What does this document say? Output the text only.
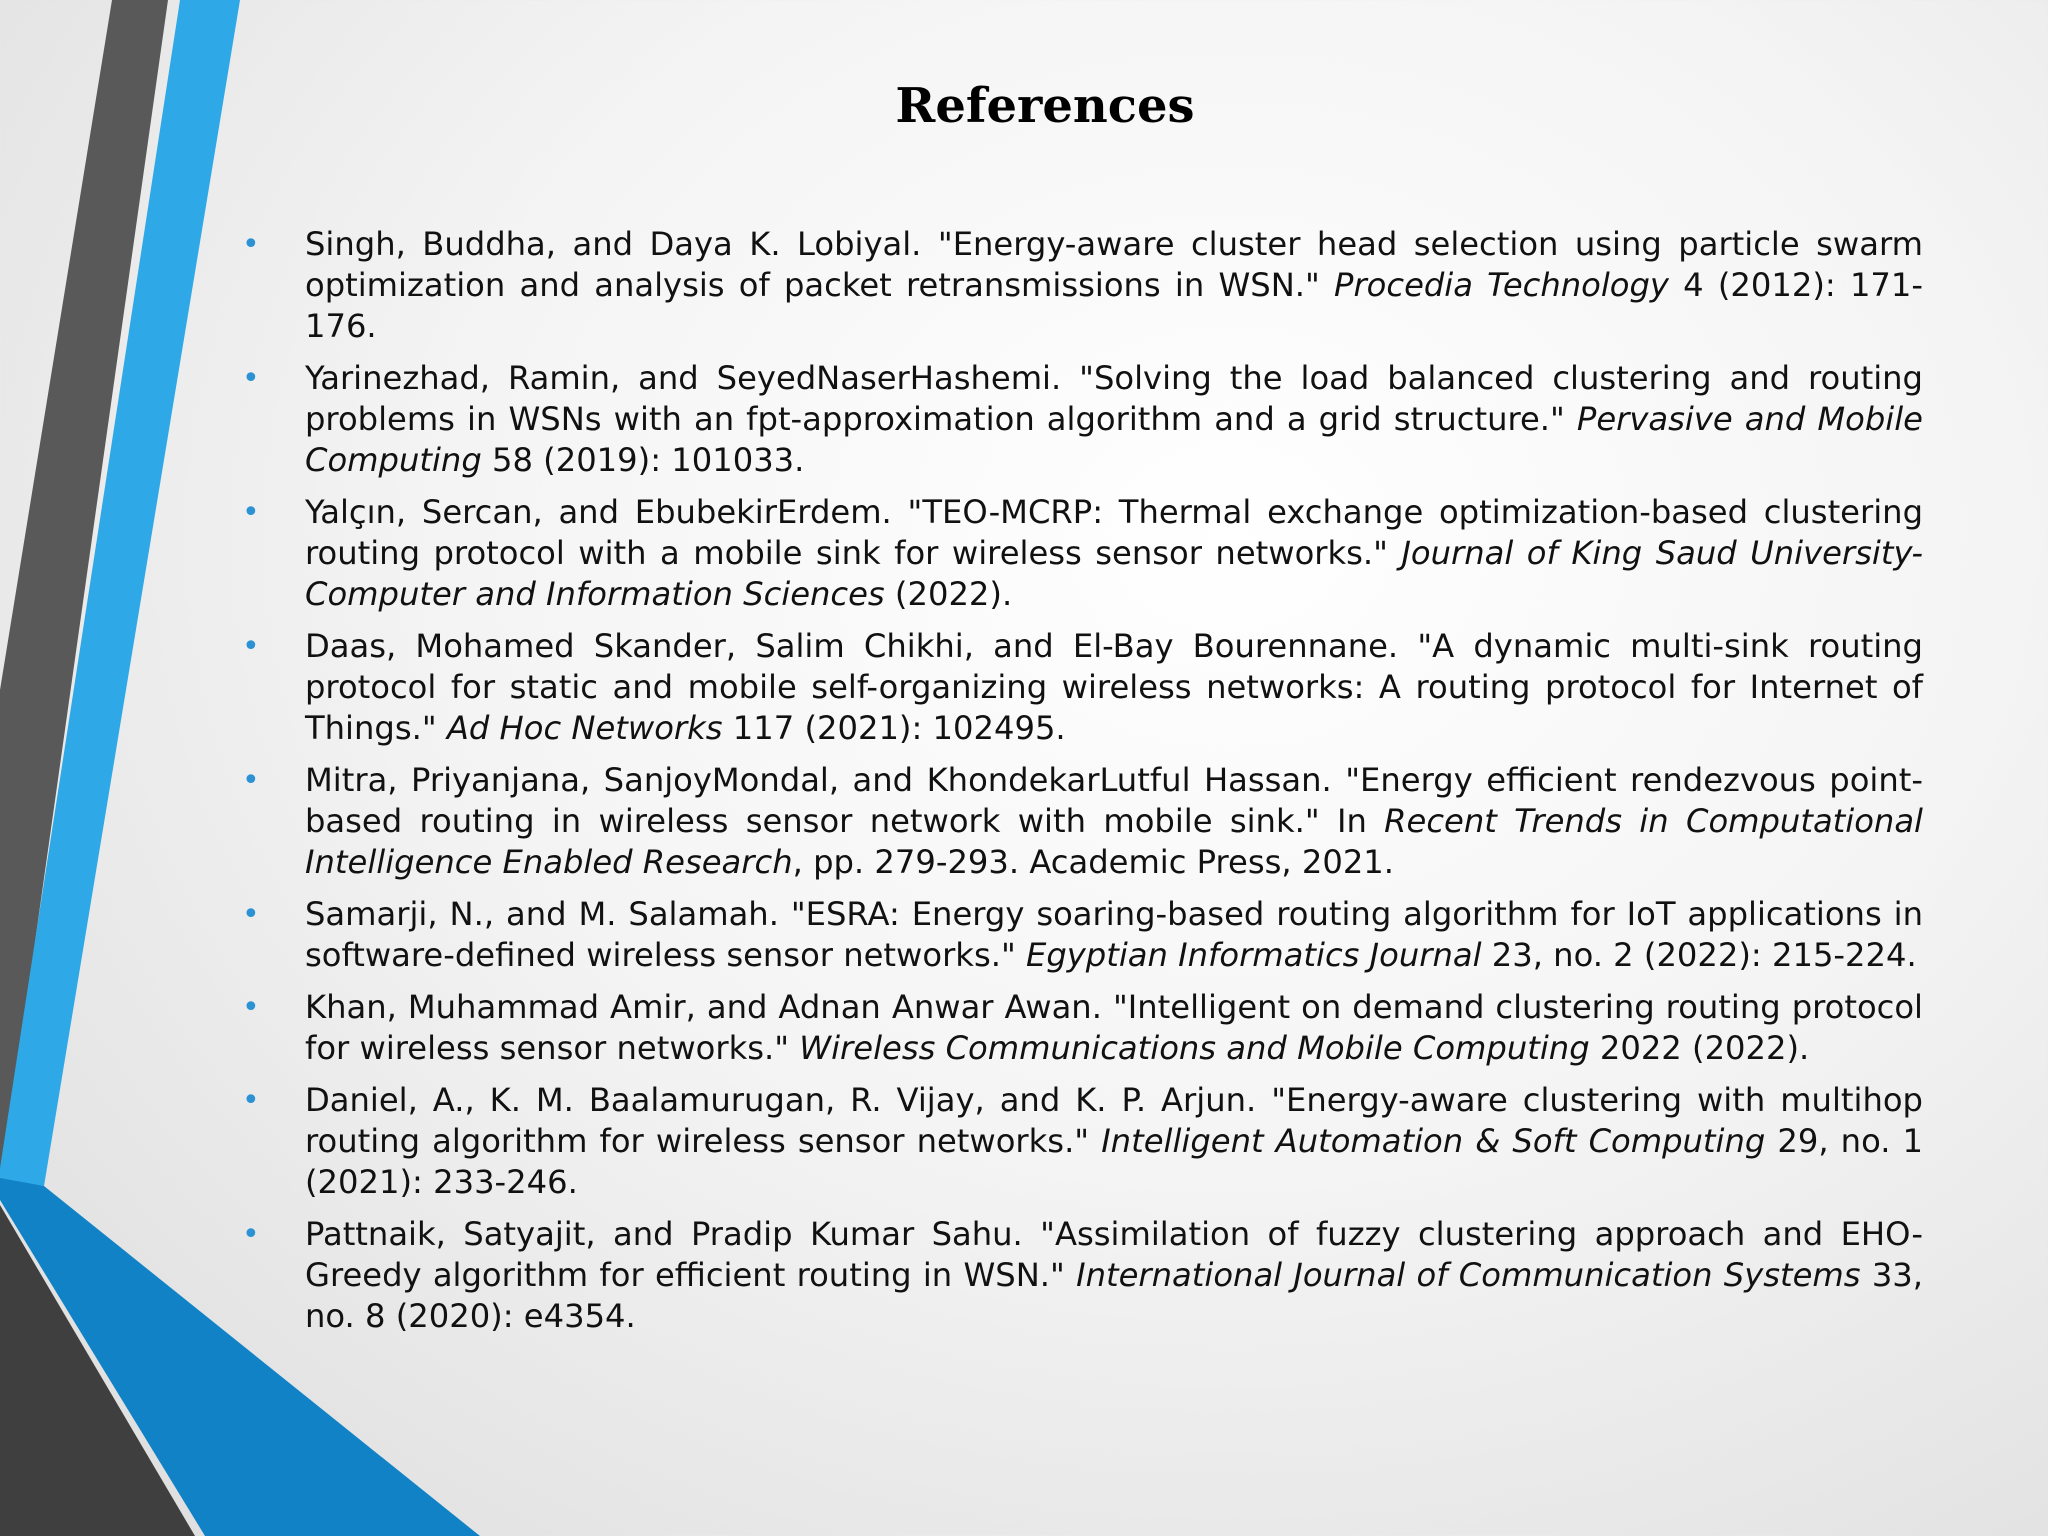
References
• Singh, Buddha, and Daya K. Lobiyal. "Energy-aware cluster head selection using particle swarm optimization and analysis of packet retransmissions in WSN." Procedia Technology 4 (2012): 171-176.
• Yarinezhad, Ramin, and SeyedNaserHashemi. "Solving the load balanced clustering and routing problems in WSNs with an fpt-approximation algorithm and a grid structure." Pervasive and Mobile Computing 58 (2019): 101033.
• Yalçın, Sercan, and EbubekirErdem. "TEO-MCRP: Thermal exchange optimization-based clustering routing protocol with a mobile sink for wireless sensor networks." Journal of King Saud University-Computer and Information Sciences (2022).
• Daas, Mohamed Skander, Salim Chikhi, and El-Bay Bourennane. "A dynamic multi-sink routing protocol for static and mobile self-organizing wireless networks: A routing protocol for Internet of Things." Ad Hoc Networks 117 (2021): 102495.
• Mitra, Priyanjana, SanjoyMondal, and KhondekarLutful Hassan. "Energy efficient rendezvous point-based routing in wireless sensor network with mobile sink." In Recent Trends in Computational Intelligence Enabled Research, pp. 279-293. Academic Press, 2021.
• Samarji, N., and M. Salamah. "ESRA: Energy soaring-based routing algorithm for IoT applications in software-defined wireless sensor networks." Egyptian Informatics Journal 23, no. 2 (2022): 215-224.
• Khan, Muhammad Amir, and Adnan Anwar Awan. "Intelligent on demand clustering routing protocol for wireless sensor networks." Wireless Communications and Mobile Computing 2022 (2022).
• Daniel, A., K. M. Baalamurugan, R. Vijay, and K. P. Arjun. "Energy-aware clustering with multihop routing algorithm for wireless sensor networks." Intelligent Automation & Soft Computing 29, no. 1 (2021): 233-246.
• Pattnaik, Satyajit, and Pradip Kumar Sahu. "Assimilation of fuzzy clustering approach and EHO-Greedy algorithm for efficient routing in WSN." International Journal of Communication Systems 33, no. 8 (2020): e4354.
